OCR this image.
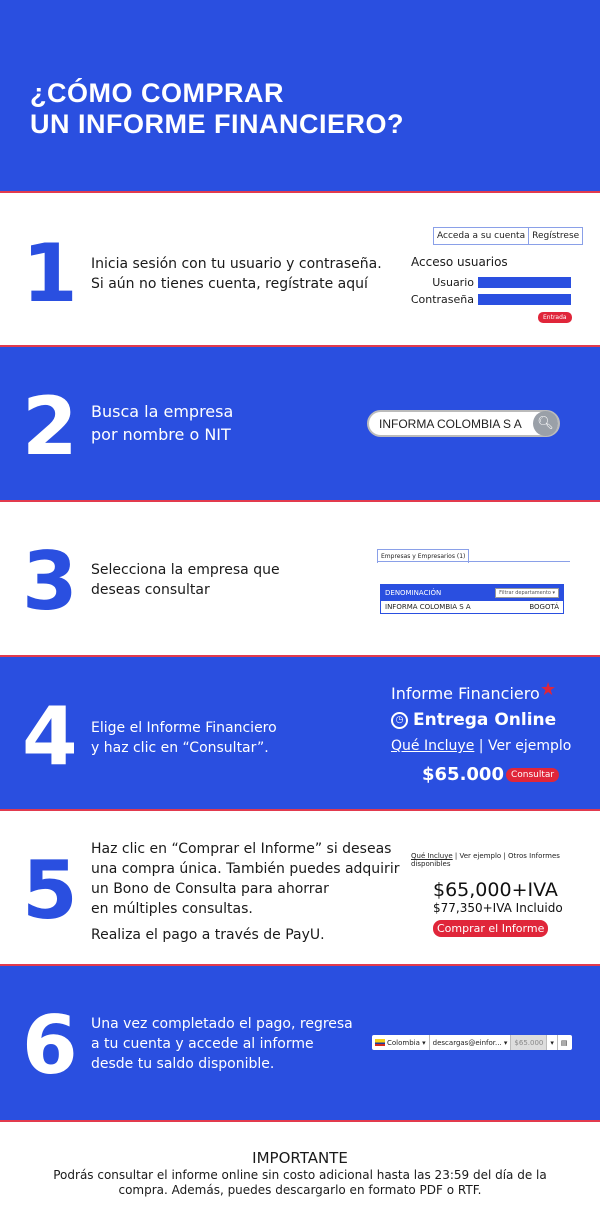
¿CÓMO COMPRAR
UN INFORME FINANCIERO?
1 Inicia sesión con tu usuario y contraseña.
Si aún no tienes cuenta, regístrate aquí
Acceda a su cuenta Regístrese
Acceso usuarios
Usuario
Contraseña
Entrada
2 Busca la empresa
por nombre o NIT
INFORMA COLOMBIA S A	🔍︎
3 Selecciona la empresa que
deseas consultar
Empresas y Empresarios (1)
DENOMINACIÓN	Filtrar departamento ▾
INFORMA COLOMBIA S A	BOGOTÁ
4 Elige el Informe Financiero
y haz clic en “Consultar”.
Informe Financiero ★
◷ Entrega Online
Qué Incluye | Ver ejemplo
$65.000 Consultar
5 Haz clic en “Comprar el Informe” si deseas
una compra única. También puedes adquirir
un Bono de Consulta para ahorrar
en múltiples consultas.
Realiza el pago a través de PayU.
Qué Incluye | Ver ejemplo | Otros Informes disponibles
$65,000+IVA
$77,350+IVA Incluido
Comprar el Informe
6 Una vez completado el pago, regresa
a tu cuenta y accede al informe
desde tu saldo disponible.
Colombia ▾	descargas@einfor... ▾	$65.000	▾	▤
IMPORTANTE

Podrás consultar el informe online sin costo adicional hasta las 23:59 del día de la compra. Además, puedes descargarlo en formato PDF o RTF.
